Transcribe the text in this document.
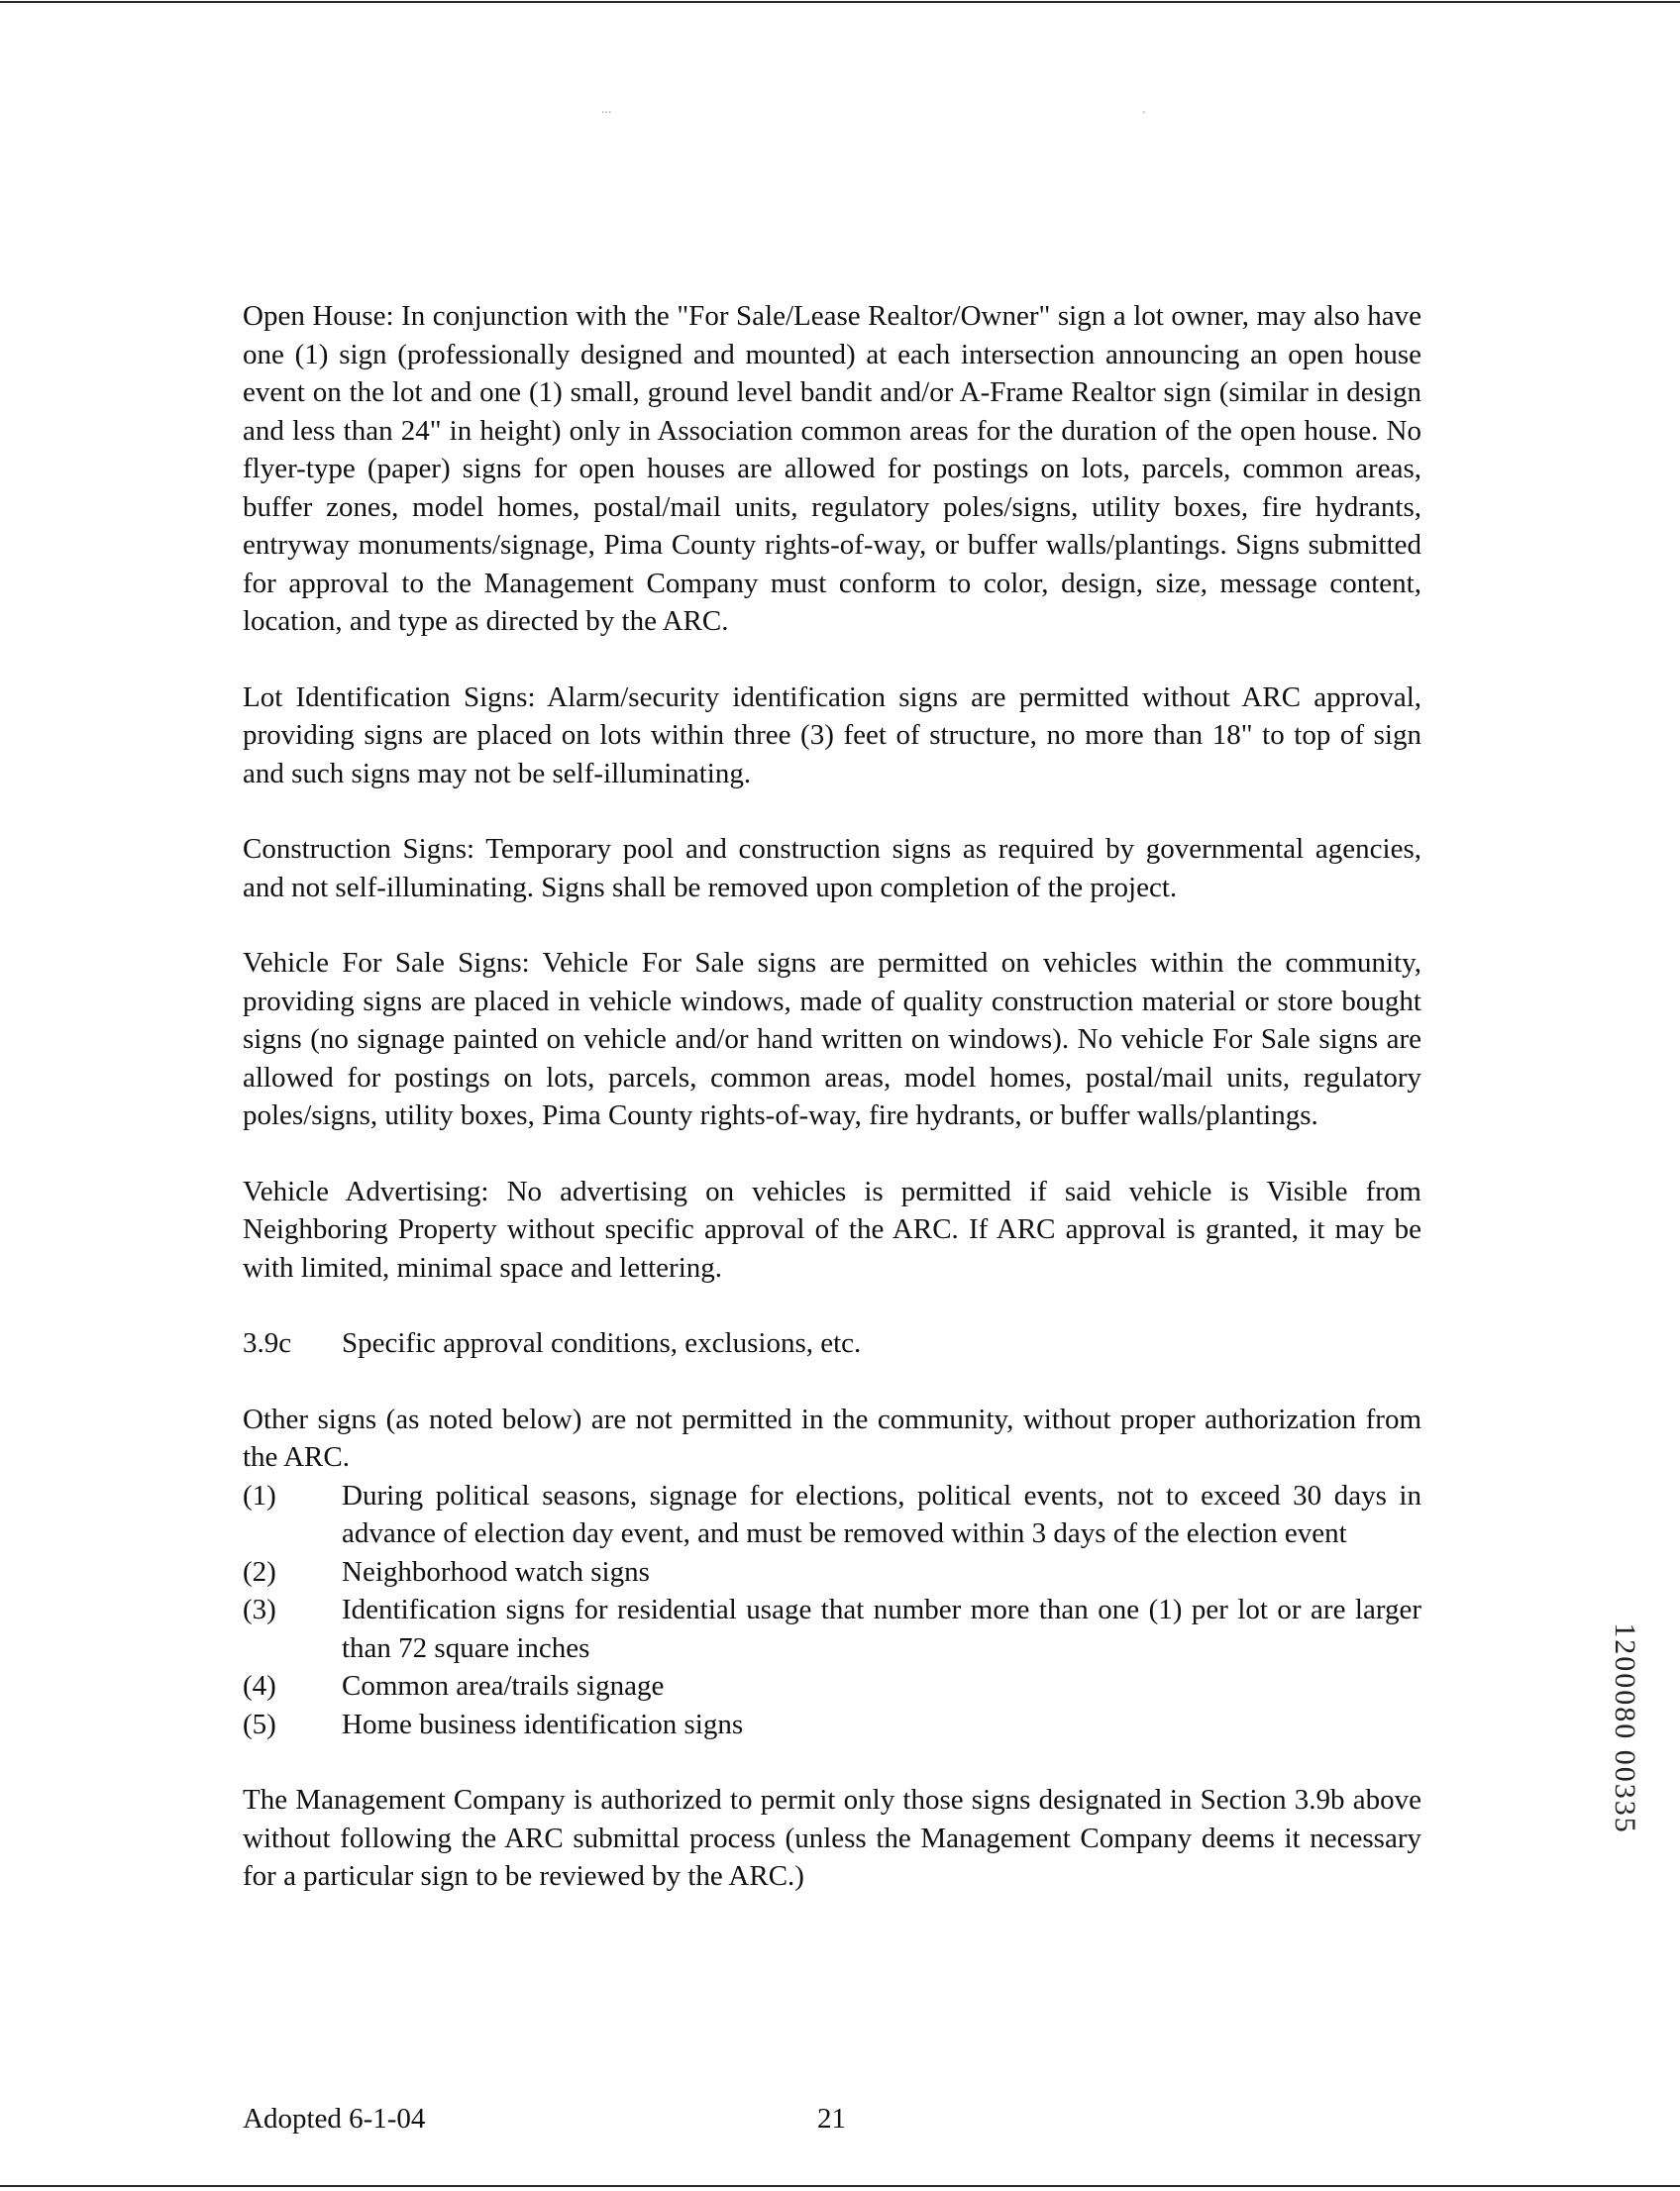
...	.

Open House: In conjunction with the "For Sale/Lease Realtor/Owner" sign a lot owner, may also have one (1) sign (professionally designed and mounted) at each intersection announcing an open house event on the lot and one (1) small, ground level bandit and/or A-Frame Realtor sign (similar in design and less than 24" in height) only in Association common areas for the duration of the open house. No flyer-type (paper) signs for open houses are allowed for postings on lots, parcels, common areas, buffer zones, model homes, postal/mail units, regulatory poles/signs, utility boxes, fire hydrants, entryway monuments/signage, Pima County rights-of-way, or buffer walls/plantings. Signs submitted for approval to the Management Company must conform to color, design, size, message content, location, and type as directed by the ARC.

Lot Identification Signs: Alarm/security identification signs are permitted without ARC approval, providing signs are placed on lots within three (3) feet of structure, no more than 18" to top of sign and such signs may not be self-illuminating.

Construction Signs: Temporary pool and construction signs as required by governmental agencies, and not self-illuminating. Signs shall be removed upon completion of the project.

Vehicle For Sale Signs: Vehicle For Sale signs are permitted on vehicles within the community, providing signs are placed in vehicle windows, made of quality construction material or store bought signs (no signage painted on vehicle and/or hand written on windows). No vehicle For Sale signs are allowed for postings on lots, parcels, common areas, model homes, postal/mail units, regulatory poles/signs, utility boxes, Pima County rights-of-way, fire hydrants, or buffer walls/plantings.

Vehicle Advertising: No advertising on vehicles is permitted if said vehicle is Visible from Neighboring Property without specific approval of the ARC. If ARC approval is granted, it may be with limited, minimal space and lettering.

3.9c	Specific approval conditions, exclusions, etc.

Other signs (as noted below) are not permitted in the community, without proper authorization from the ARC.

(1)	During political seasons, signage for elections, political events, not to exceed 30 days in advance of election day event, and must be removed within 3 days of the election event
(2)	Neighborhood watch signs
(3)	Identification signs for residential usage that number more than one (1) per lot or are larger than 72 square inches
(4)	Common area/trails signage
(5)	Home business identification signs

The Management Company is authorized to permit only those signs designated in Section 3.9b above without following the ARC submittal process (unless the Management Company deems it necessary for a particular sign to be reviewed by the ARC.)

Adopted 6-1-04	21
1200080 00335
